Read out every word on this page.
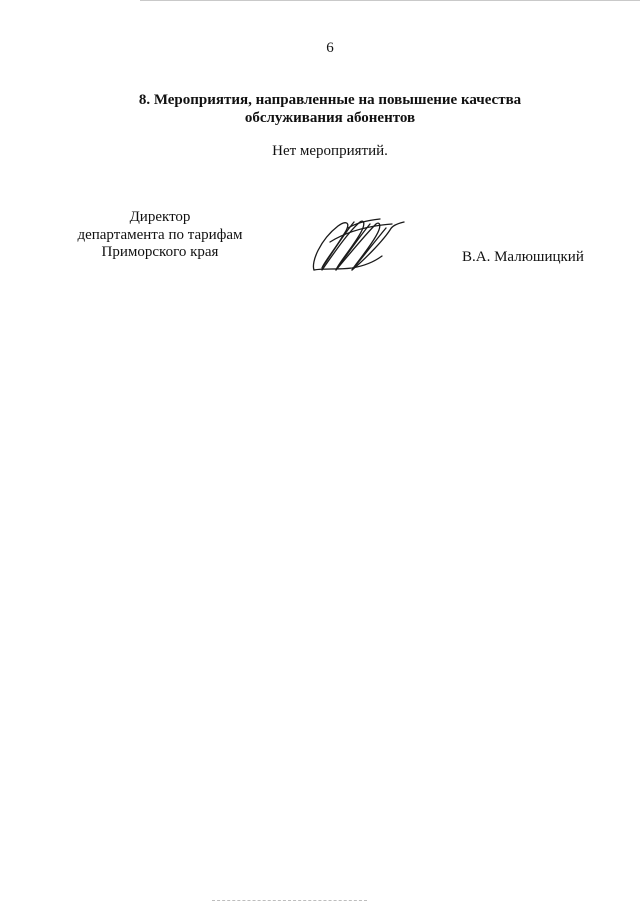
6
8. Мероприятия, направленные на повышение качества
обслуживания абонентов
Нет мероприятий.
Директор
департамента по тарифам
Приморского края	В.А. Малюшицкий
